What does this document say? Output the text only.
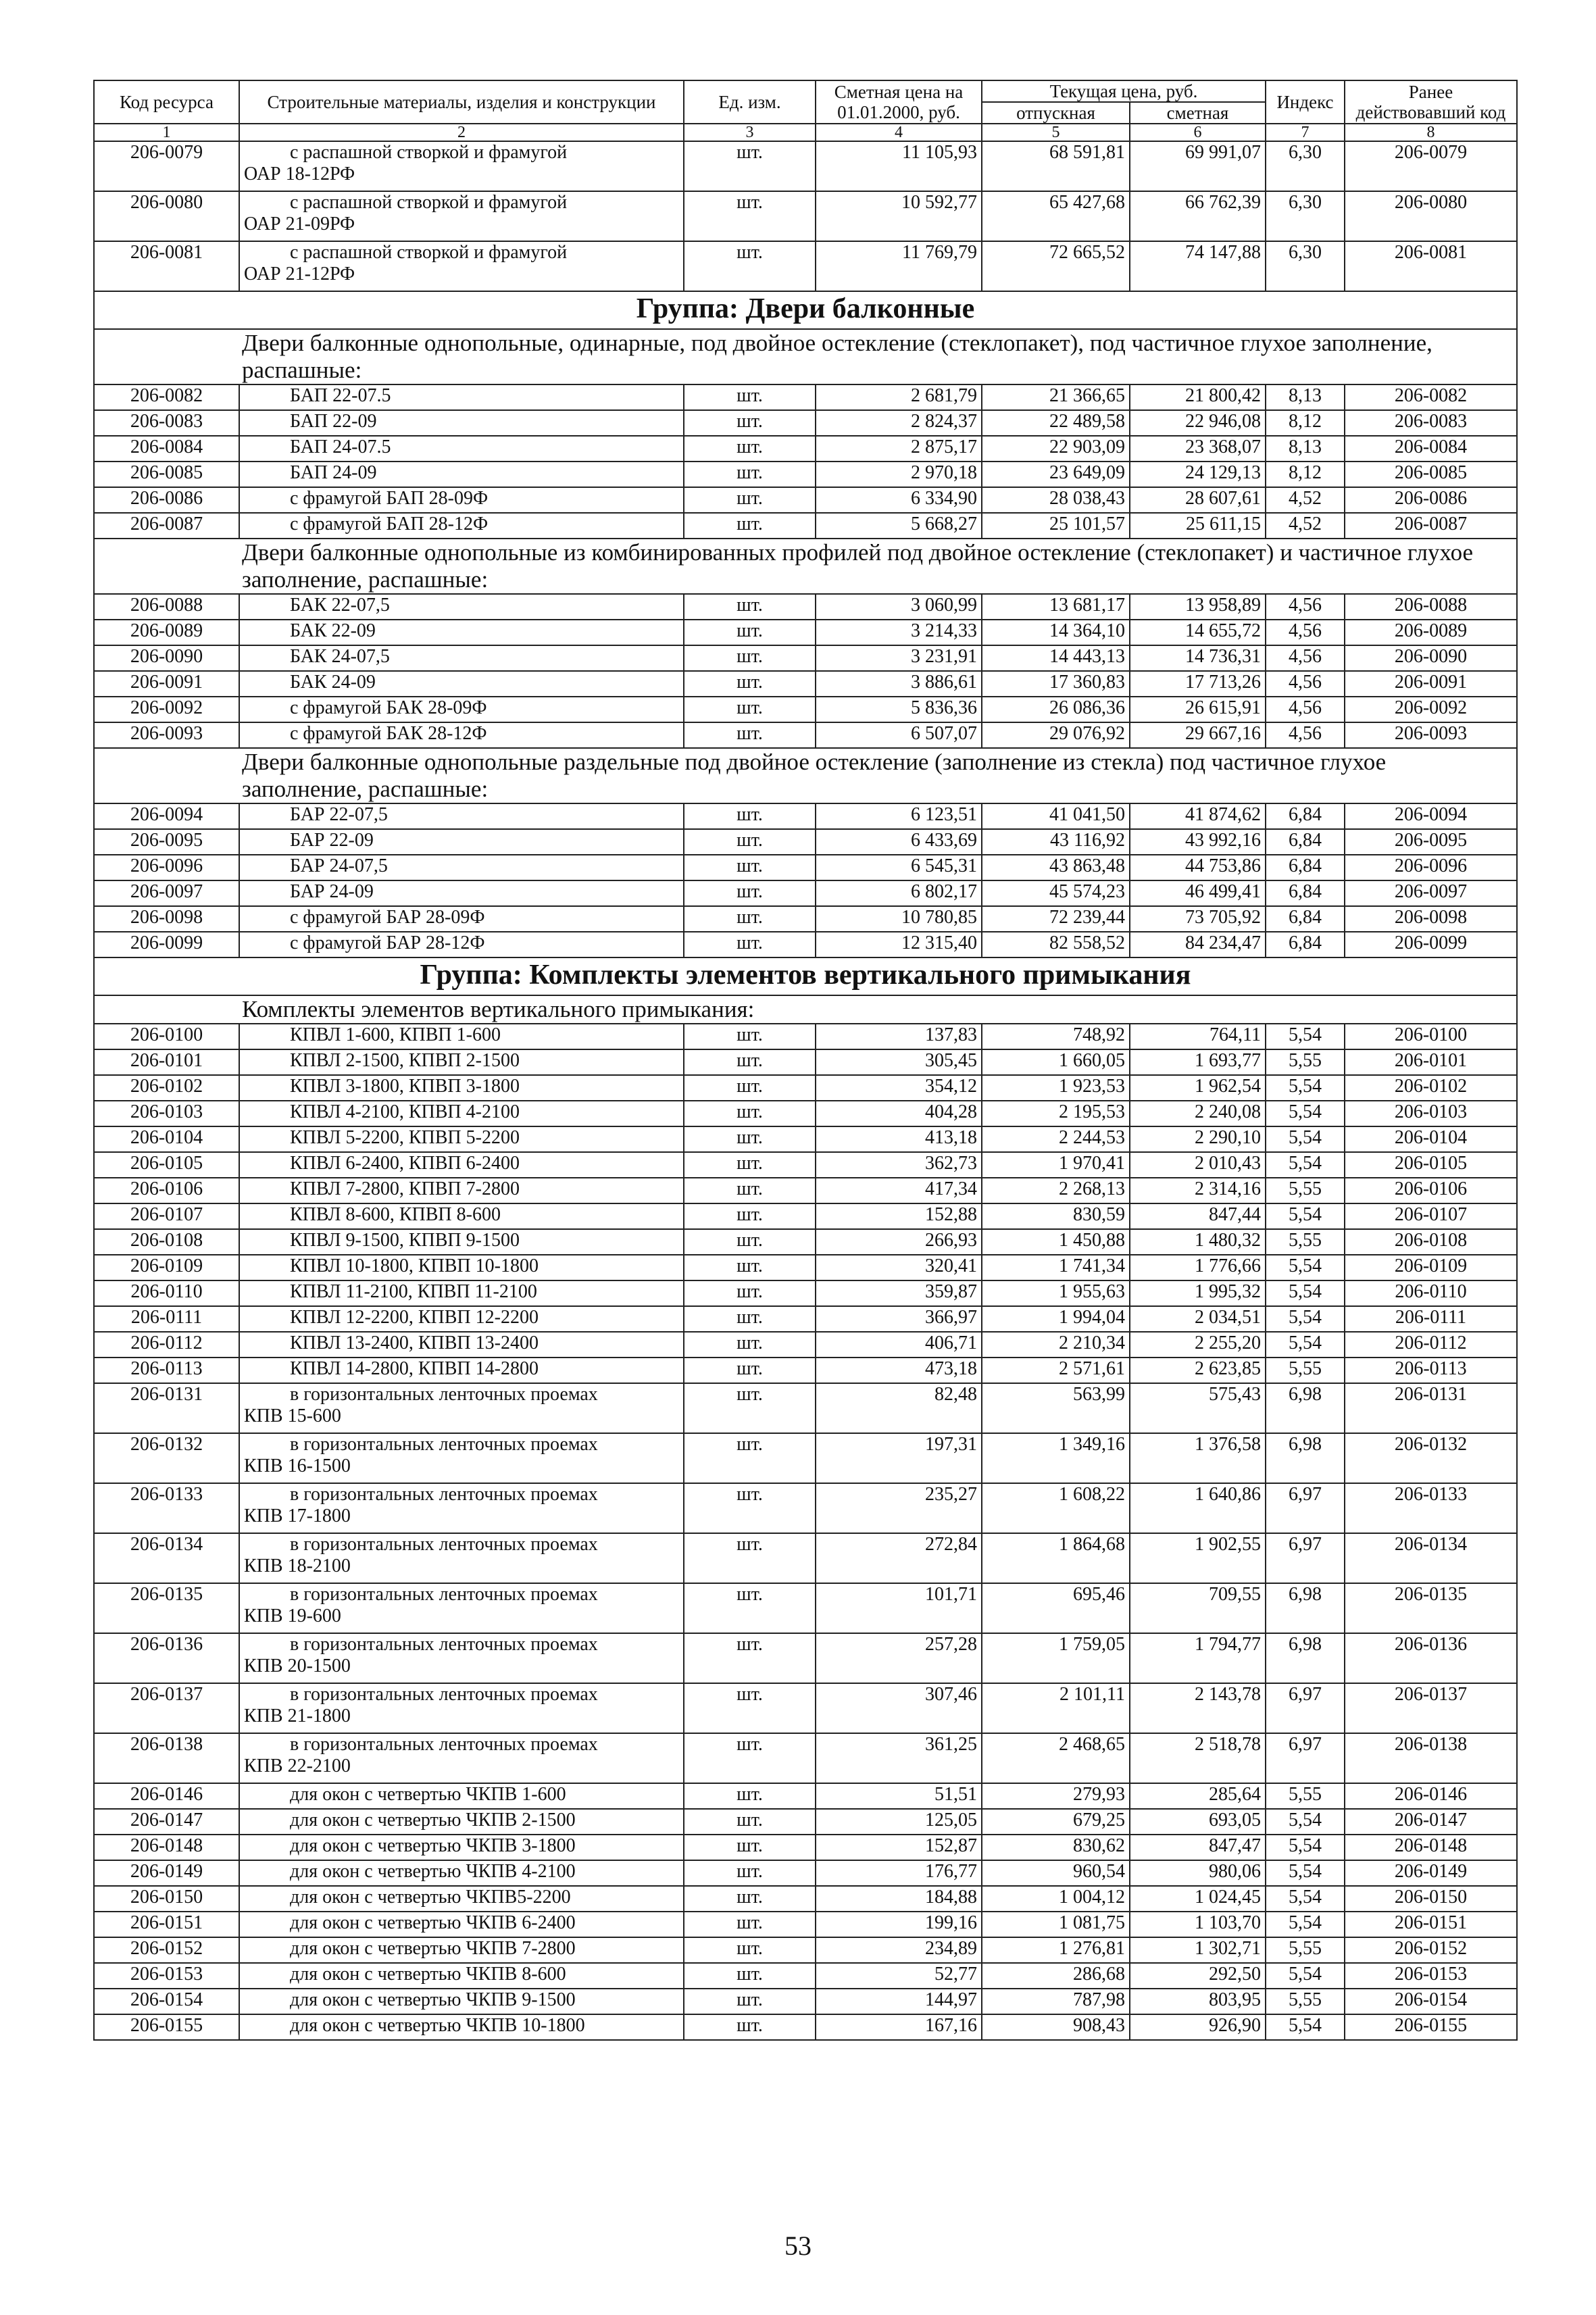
Код ресурса	Строительные материалы, изделия и конструкции	Ед. изм.	Сметная цена на 01.01.2000, руб.	Текущая цена, руб.		Индекс	Ранее действовавший код
				отпускная	сметная		
1	2	3	4	5	6	7	8
206-0079	с распашной створкой и фрамугой
ОАР 18-12РФ	шт.	11 105,93	68 591,81	69 991,07	6,30	206-0079
206-0080	с распашной створкой и фрамугой
ОАР 21-09РФ	шт.	10 592,77	65 427,68	66 762,39	6,30	206-0080
206-0081	с распашной створкой и фрамугой
ОАР 21-12РФ	шт.	11 769,79	72 665,52	74 147,88	6,30	206-0081
Группа: Двери балконные							
	Двери балконные однопольные, одинарные, под двойное остекление (стеклопакет), под частичное глухое заполнение, распашные:						
206-0082	БАП 22-07.5	шт.	2 681,79	21 366,65	21 800,42	8,13	206-0082
206-0083	БАП 22-09	шт.	2 824,37	22 489,58	22 946,08	8,12	206-0083
206-0084	БАП 24-07.5	шт.	2 875,17	22 903,09	23 368,07	8,13	206-0084
206-0085	БАП 24-09	шт.	2 970,18	23 649,09	24 129,13	8,12	206-0085
206-0086	с фрамугой БАП 28-09Ф	шт.	6 334,90	28 038,43	28 607,61	4,52	206-0086
206-0087	с фрамугой БАП 28-12Ф	шт.	5 668,27	25 101,57	25 611,15	4,52	206-0087
	Двери балконные однопольные из комбинированных профилей под двойное остекление (стеклопакет) и частичное глухое заполнение, распашные:						
206-0088	БАК 22-07,5	шт.	3 060,99	13 681,17	13 958,89	4,56	206-0088
206-0089	БАК 22-09	шт.	3 214,33	14 364,10	14 655,72	4,56	206-0089
206-0090	БАК 24-07,5	шт.	3 231,91	14 443,13	14 736,31	4,56	206-0090
206-0091	БАК 24-09	шт.	3 886,61	17 360,83	17 713,26	4,56	206-0091
206-0092	с фрамугой БАК 28-09Ф	шт.	5 836,36	26 086,36	26 615,91	4,56	206-0092
206-0093	с фрамугой БАК 28-12Ф	шт.	6 507,07	29 076,92	29 667,16	4,56	206-0093
	Двери балконные однопольные раздельные под двойное остекление (заполнение из стекла) под частичное глухое заполнение, распашные:						
206-0094	БАР 22-07,5	шт.	6 123,51	41 041,50	41 874,62	6,84	206-0094
206-0095	БАР 22-09	шт.	6 433,69	43 116,92	43 992,16	6,84	206-0095
206-0096	БАР 24-07,5	шт.	6 545,31	43 863,48	44 753,86	6,84	206-0096
206-0097	БАР 24-09	шт.	6 802,17	45 574,23	46 499,41	6,84	206-0097
206-0098	с фрамугой БАР 28-09Ф	шт.	10 780,85	72 239,44	73 705,92	6,84	206-0098
206-0099	с фрамугой БАР 28-12Ф	шт.	12 315,40	82 558,52	84 234,47	6,84	206-0099
Группа: Комплекты элементов вертикального примыкания							
	Комплекты элементов вертикального примыкания:						
206-0100	КПВЛ 1-600, КПВП 1-600	шт.	137,83	748,92	764,11	5,54	206-0100
206-0101	КПВЛ 2-1500, КПВП 2-1500	шт.	305,45	1 660,05	1 693,77	5,55	206-0101
206-0102	КПВЛ 3-1800, КПВП 3-1800	шт.	354,12	1 923,53	1 962,54	5,54	206-0102
206-0103	КПВЛ 4-2100, КПВП 4-2100	шт.	404,28	2 195,53	2 240,08	5,54	206-0103
206-0104	КПВЛ 5-2200, КПВП 5-2200	шт.	413,18	2 244,53	2 290,10	5,54	206-0104
206-0105	КПВЛ 6-2400, КПВП 6-2400	шт.	362,73	1 970,41	2 010,43	5,54	206-0105
206-0106	КПВЛ 7-2800, КПВП 7-2800	шт.	417,34	2 268,13	2 314,16	5,55	206-0106
206-0107	КПВЛ 8-600, КПВП 8-600	шт.	152,88	830,59	847,44	5,54	206-0107
206-0108	КПВЛ 9-1500, КПВП 9-1500	шт.	266,93	1 450,88	1 480,32	5,55	206-0108
206-0109	КПВЛ 10-1800, КПВП 10-1800	шт.	320,41	1 741,34	1 776,66	5,54	206-0109
206-0110	КПВЛ 11-2100, КПВП 11-2100	шт.	359,87	1 955,63	1 995,32	5,54	206-0110
206-0111	КПВЛ 12-2200, КПВП 12-2200	шт.	366,97	1 994,04	2 034,51	5,54	206-0111
206-0112	КПВЛ 13-2400, КПВП 13-2400	шт.	406,71	2 210,34	2 255,20	5,54	206-0112
206-0113	КПВЛ 14-2800, КПВП 14-2800	шт.	473,18	2 571,61	2 623,85	5,55	206-0113
206-0131	в горизонтальных ленточных проемах
КПВ 15-600	шт.	82,48	563,99	575,43	6,98	206-0131
206-0132	в горизонтальных ленточных проемах
КПВ 16-1500	шт.	197,31	1 349,16	1 376,58	6,98	206-0132
206-0133	в горизонтальных ленточных проемах
КПВ 17-1800	шт.	235,27	1 608,22	1 640,86	6,97	206-0133
206-0134	в горизонтальных ленточных проемах
КПВ 18-2100	шт.	272,84	1 864,68	1 902,55	6,97	206-0134
206-0135	в горизонтальных ленточных проемах
КПВ 19-600	шт.	101,71	695,46	709,55	6,98	206-0135
206-0136	в горизонтальных ленточных проемах
КПВ 20-1500	шт.	257,28	1 759,05	1 794,77	6,98	206-0136
206-0137	в горизонтальных ленточных проемах
КПВ 21-1800	шт.	307,46	2 101,11	2 143,78	6,97	206-0137
206-0138	в горизонтальных ленточных проемах
КПВ 22-2100	шт.	361,25	2 468,65	2 518,78	6,97	206-0138
206-0146	для окон с четвертью ЧКПВ 1-600	шт.	51,51	279,93	285,64	5,55	206-0146
206-0147	для окон с четвертью ЧКПВ 2-1500	шт.	125,05	679,25	693,05	5,54	206-0147
206-0148	для окон с четвертью ЧКПВ 3-1800	шт.	152,87	830,62	847,47	5,54	206-0148
206-0149	для окон с четвертью ЧКПВ 4-2100	шт.	176,77	960,54	980,06	5,54	206-0149
206-0150	для окон с четвертью ЧКПВ5-2200	шт.	184,88	1 004,12	1 024,45	5,54	206-0150
206-0151	для окон с четвертью ЧКПВ 6-2400	шт.	199,16	1 081,75	1 103,70	5,54	206-0151
206-0152	для окон с четвертью ЧКПВ 7-2800	шт.	234,89	1 276,81	1 302,71	5,55	206-0152
206-0153	для окон с четвертью ЧКПВ 8-600	шт.	52,77	286,68	292,50	5,54	206-0153
206-0154	для окон с четвертью ЧКПВ 9-1500	шт.	144,97	787,98	803,95	5,55	206-0154
206-0155	для окон с четвертью ЧКПВ 10-1800	шт.	167,16	908,43	926,90	5,54	206-0155
53
